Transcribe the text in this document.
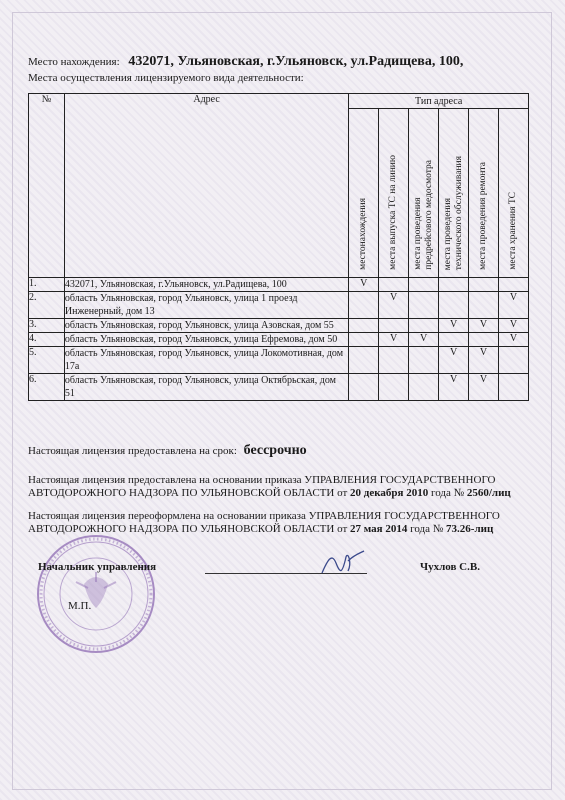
Место нахождения: 432071, Ульяновская, г.Ульяновск, ул.Радищева, 100,
Места осуществления лицензируемого вида деятельности:
№	Адрес	Тип адреса					
		местонахождения	места выпуска ТС на линию	места проведения
предрейсового медосмотра	места проведения
технического обслуживания	места проведения ремонта	места хранения ТС
1.	432071, Ульяновская, г.Ульяновск, ул.Радищева, 100	V					
2.	область Ульяновская, город Ульяновск, улица 1 проезд Инженерный, дом 13		V				V
3.	область Ульяновская, город Ульяновск, улица Азовская, дом 55				V	V	V
4.	область Ульяновская, город Ульяновск, улица Ефремова, дом 50		V	V			V
5.	область Ульяновская, город Ульяновск, улица Локомотивная, дом 17а				V	V	
6.	область Ульяновская, город Ульяновск, улица Октябрьская, дом 51				V	V	
Настоящая лицензия предоставлена на срок: бессрочно
Настоящая лицензия предоставлена на основании приказа УПРАВЛЕНИЯ ГОСУДАРСТВЕННОГО АВТОДОРОЖНОГО НАДЗОРА ПО УЛЬЯНОВСКОЙ ОБЛАСТИ от 20 декабря 2010 года № 2560/лиц
Настоящая лицензия переоформлена на основании приказа УПРАВЛЕНИЯ ГОСУДАРСТВЕННОГО АВТОДОРОЖНОГО НАДЗОРА ПО УЛЬЯНОВСКОЙ ОБЛАСТИ от 27 мая 2014 года № 73.26-лиц
Начальник управления	Чухлов С.В.
М.П.
